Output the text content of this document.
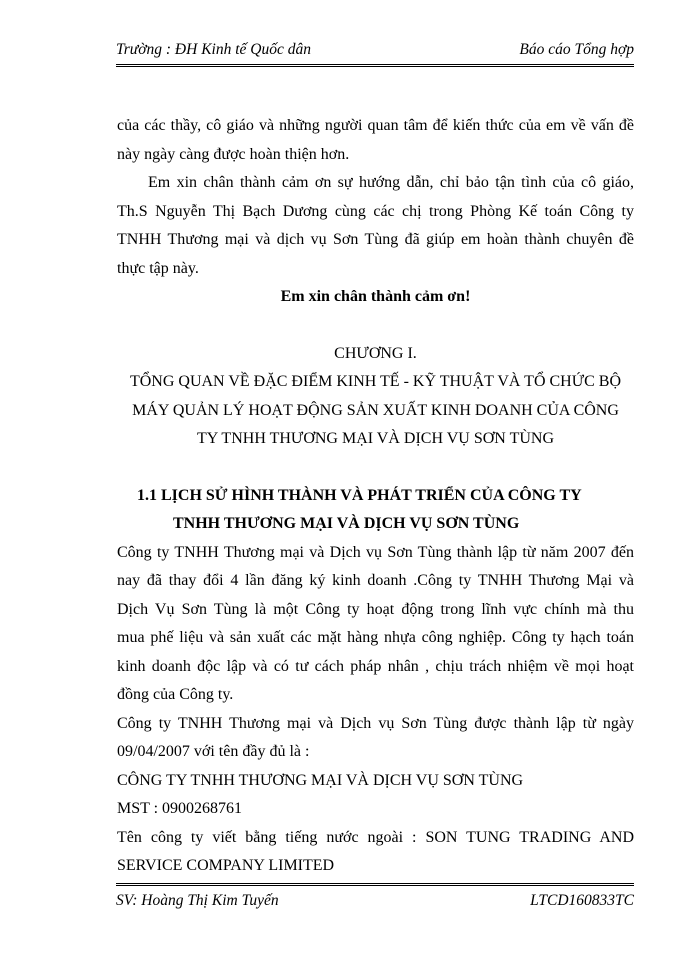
Trường : ĐH Kinh tế Quốc dân	Báo cáo Tổng hợp
của các thầy, cô giáo và những người quan tâm để kiến thức của em về vấn đề
này ngày càng được hoàn thiện hơn.
Em xin chân thành cảm ơn sự hướng dẫn, chỉ bảo tận tình của cô giáo,
Th.S Nguyễn Thị Bạch Dương cùng các chị trong Phòng Kế toán Công ty
TNHH Thương mại và dịch vụ Sơn Tùng đã giúp em hoàn thành chuyên đề
thực tập này.
Em xin chân thành cảm ơn!
CHƯƠNG I.
TỔNG QUAN VỀ ĐẶC ĐIỂM KINH TẾ - KỸ THUẬT VÀ TỔ CHỨC BỘ
MÁY QUẢN LÝ HOẠT ĐỘNG SẢN XUẤT KINH DOANH CỦA CÔNG
TY TNHH THƯƠNG MẠI VÀ DỊCH VỤ SƠN TÙNG
1.1 LỊCH SỬ HÌNH THÀNH VÀ PHÁT TRIỂN CỦA CÔNG TY
TNHH THƯƠNG MẠI VÀ DỊCH VỤ SƠN TÙNG
Công ty TNHH Thương mại và Dịch vụ Sơn Tùng thành lập từ năm 2007 đến
nay đã thay đổi 4 lần đăng ký kinh doanh .Công ty TNHH Thương Mại và
Dịch Vụ Sơn Tùng là một Công ty hoạt động trong lĩnh vực chính mà thu
mua phế liệu và sản xuất các mặt hàng nhựa công nghiệp. Công ty hạch toán
kinh doanh độc lập và có tư cách pháp nhân , chịu trách nhiệm về mọi hoạt
đồng của Công ty.
Công ty TNHH Thương mại và Dịch vụ Sơn Tùng được thành lập từ ngày
09/04/2007 với tên đầy đủ là :
CÔNG TY TNHH THƯƠNG MẠI VÀ DỊCH VỤ SƠN TÙNG
MST : 0900268761
Tên công ty viết bằng tiếng nước ngoài : SON TUNG TRADING AND
SERVICE COMPANY LIMITED
SV: Hoàng Thị Kim Tuyến	LTCD160833TC
